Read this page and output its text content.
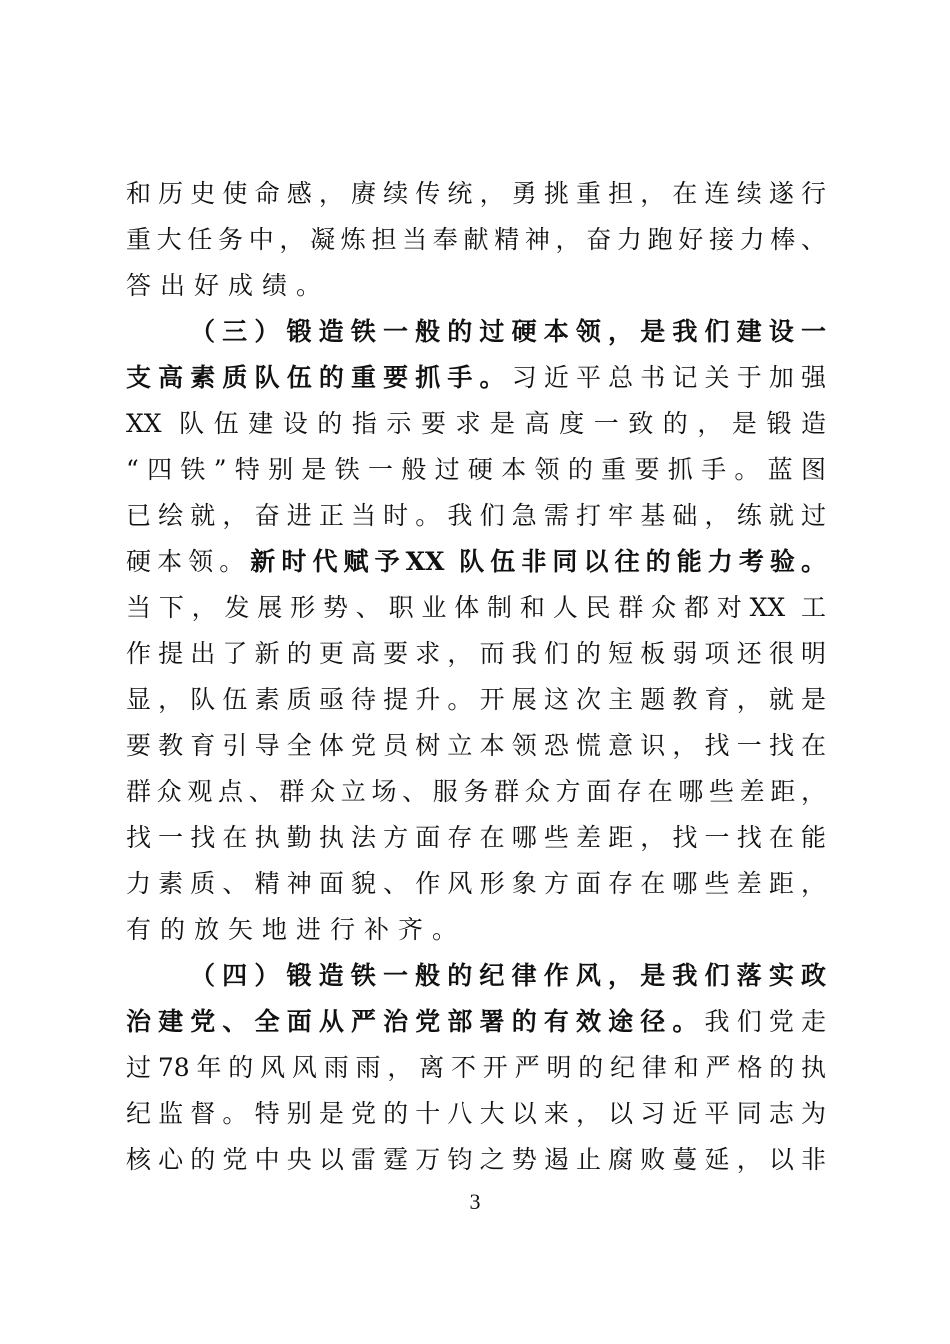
和历史使命感，赓续传统，勇挑重担，在连续遂行
重大任务中，凝炼担当奉献精神，奋力跑好接力棒、
答出好成绩。
（三）锻造铁一般的过硬本领，是我们建设一
支高素质队伍的重要抓手。习近平总书记关于加强
XX 队伍建设的指示要求是高度一致的，是锻造
“四铁”特别是铁一般过硬本领的重要抓手。蓝图
已绘就，奋进正当时。我们急需打牢基础，练就过
硬本领。新时代赋予XX 队伍非同以往的能力考验。
当下，发展形势、职业体制和人民群众都对XX 工
作提出了新的更高要求，而我们的短板弱项还很明
显，队伍素质亟待提升。开展这次主题教育，就是
要教育引导全体党员树立本领恐慌意识，找一找在
群众观点、群众立场、服务群众方面存在哪些差距，
找一找在执勤执法方面存在哪些差距，找一找在能
力素质、精神面貌、作风形象方面存在哪些差距，
有的放矢地进行补齐。
（四）锻造铁一般的纪律作风，是我们落实政
治建党、全面从严治党部署的有效途径。我们党走
过78年的风风雨雨，离不开严明的纪律和严格的执
纪监督。特别是党的十八大以来，以习近平同志为
核心的党中央以雷霆万钧之势遏止腐败蔓延，以非
3
